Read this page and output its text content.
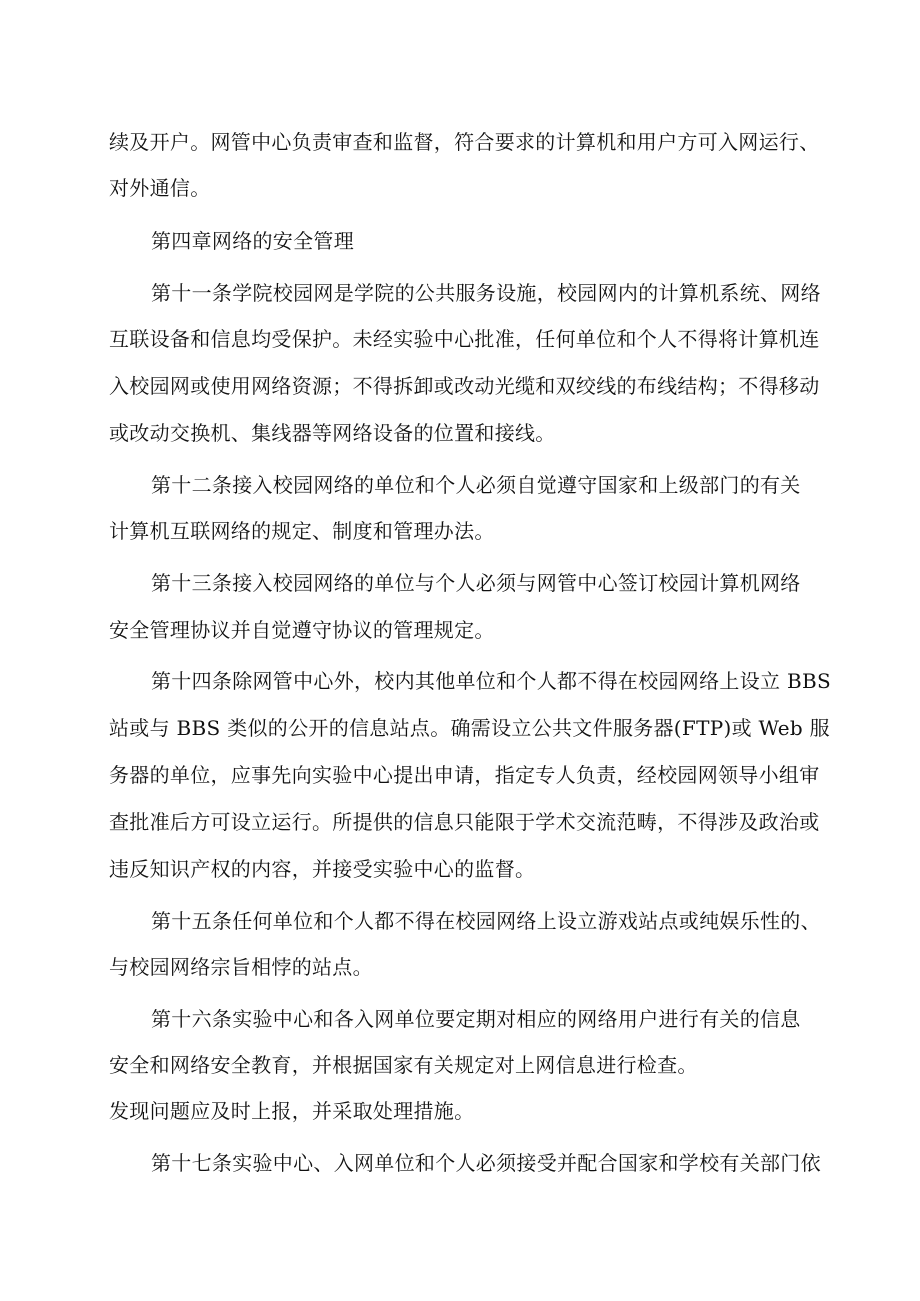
续及开户。网管中心负责审查和监督，符合要求的计算机和用户方可入网运行、
对外通信。
第四章网络的安全管理
第十一条学院校园网是学院的公共服务设施，校园网内的计算机系统、网络
互联设备和信息均受保护。未经实验中心批准，任何单位和个人不得将计算机连
入校园网或使用网络资源；不得拆卸或改动光缆和双绞线的布线结构；不得移动
或改动交换机、集线器等网络设备的位置和接线。
第十二条接入校园网络的单位和个人必须自觉遵守国家和上级部门的有关
计算机互联网络的规定、制度和管理办法。
第十三条接入校园网络的单位与个人必须与网管中心签订校园计算机网络
安全管理协议并自觉遵守协议的管理规定。
第十四条除网管中心外，校内其他单位和个人都不得在校园网络上设立 BBS
站或与 BBS 类似的公开的信息站点。确需设立公共文件服务器(FTP)或 Web 服
务器的单位，应事先向实验中心提出申请，指定专人负责，经校园网领导小组审
查批准后方可设立运行。所提供的信息只能限于学术交流范畴，不得涉及政治或
违反知识产权的内容，并接受实验中心的监督。
第十五条任何单位和个人都不得在校园网络上设立游戏站点或纯娱乐性的、
与校园网络宗旨相悖的站点。
第十六条实验中心和各入网单位要定期对相应的网络用户进行有关的信息
安全和网络安全教育，并根据国家有关规定对上网信息进行检查。
发现问题应及时上报，并采取处理措施。
第十七条实验中心、入网单位和个人必须接受并配合国家和学校有关部门依
